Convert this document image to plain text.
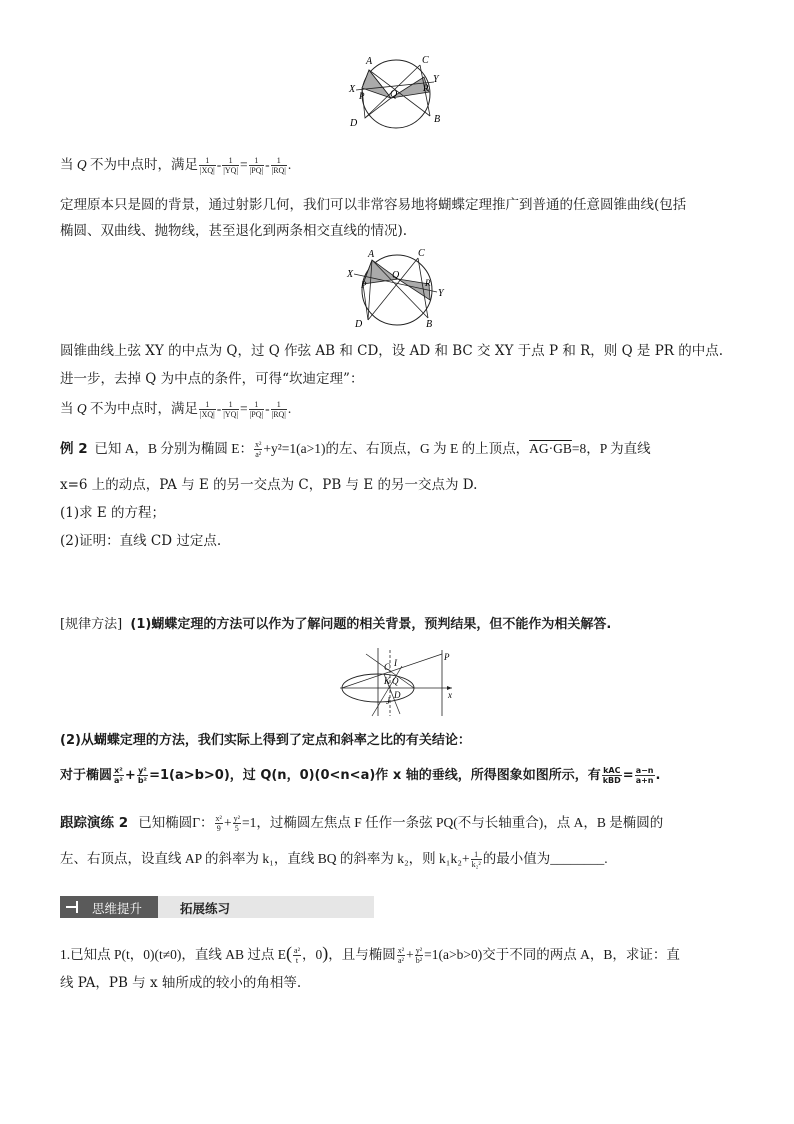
A	C
X
Y
P	Q
R
D	B
当 Q 不为中点时，满足 $\frac{1}{|XQ|} - \frac{1}{|YQ|} = \frac{1}{|PQ|} - \frac{1}{|RQ|}$ .
定理原本只是圆的背景，通过射影几何，我们可以非常容易地将蝴蝶定理推广到普通的任意圆锥曲线(包括
椭圆、双曲线、抛物线，甚至退化到两条相交直线的情况).
A	C
X
Y
P
Q
R
D	B
圆锥曲线上弦 XY 的中点为 Q，过 Q 作弦 AB 和 CD，设 AD 和 BC 交 XY 于点 P 和 R，则 Q 是 PR 的中点.
进一步，去掉 Q 为中点的条件，可得“坎迪定理”：
当 Q 不为中点时，满足 $\frac{1}{|XQ|} - \frac{1}{|YQ|} = \frac{1}{|PQ|} - \frac{1}{|RQ|}$ .
例 2 已知 A，B 分别为椭圆 E： $\frac{\text{x²}}{\text{a²}} +y^2=1(a>1)$的左、右顶点，G 为 E 的上顶点，AG·GB=8，P 为直线
x=6 上的动点，PA 与 E 的另一交点为 C，PB 与 E 的另一交点为 D.
(1)求 E 的方程；
(2)证明：直线 CD 过定点.
[规律方法] (1)蝴蝶定理的方法可以作为了解问题的相关背景，预判结果，但不能作为相关解答.
P
C I
K Q
x
J
D
(2)从蝴蝶定理的方法，我们实际上得到了定点和斜率之比的有关结论：
对于椭圆 $\frac{\text{x²}}{\text{a²}} + \frac{\text{y²}}{\text{b²}} =1(a>b>0)$，过 Q(n，0)(0<n<a)作 x 轴的垂线，所得图象如图所示，有 $\frac{\text{kAC}}{\text{kBD}} = \frac{a-n}{a+n}$ .
跟踪演练 2 已知椭圆Γ： $\frac{\text{x²}}{9} + \frac{\text{y²}}{5} =1$，过椭圆左焦点 F 任作一条弦 PQ(不与长轴重合)，点 A，B 是椭圆的
左、右顶点，设直线 AP 的斜率为 k₁，直线 BQ 的斜率为 k₂，则 $k_1k_2+ \frac{1}{\text{k₂²}}$ 的最小值为________.
思维提升	拓展练习
1.已知点 P(t，0)(t≠0)，直线 AB 过点 $E( \frac{\text{a²}}{t}$ ，0)，且与椭圆 $\frac{\text{x²}}{\text{a²}} + \frac{\text{y²}}{\text{b²}} =1(a>b>0)$交于不同的两点 A，B，求证：直
线 PA，PB 与 x 轴所成的较小的角相等.
